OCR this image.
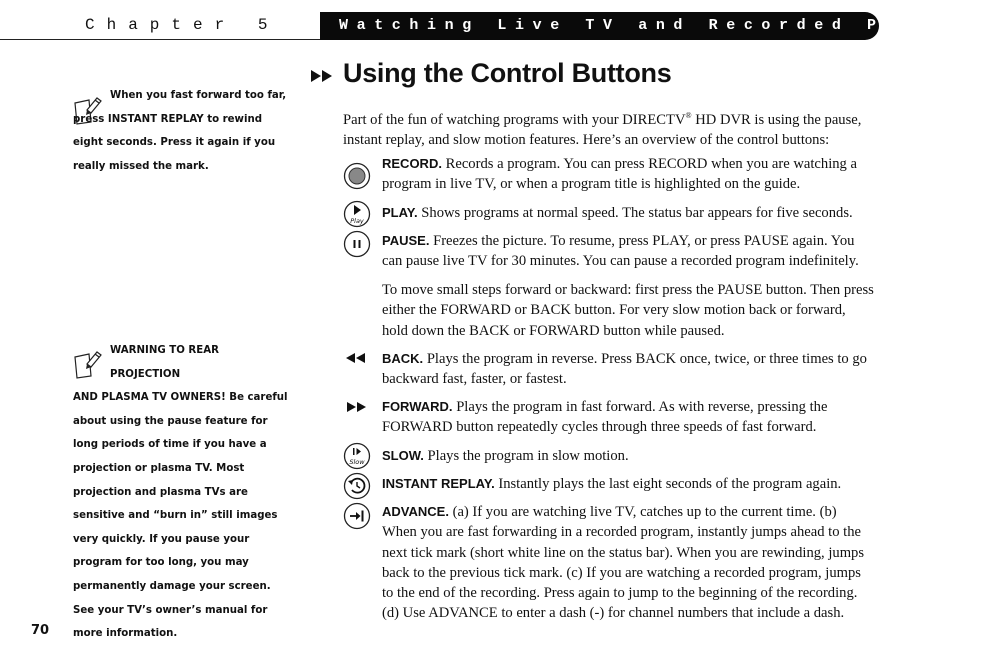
Chapter 5	Watching Live TV and Recorded Programs
When you fast forward too far,
press INSTANT REPLAY to rewind eight seconds. Press it again if you really missed the mark.
WARNING TO REAR PROJECTION
AND PLASMA TV OWNERS! Be careful about using the pause feature for long periods of time if you have a projection or plasma TV. Most projection and plasma TVs are sensitive and “burn in” still images very quickly. If you pause your program for too long, you may permanently damage your screen. See your TV’s owner’s manual for more information.
Using the Control Buttons
Part of the fun of watching programs with your DIRECTV® HD DVR is using the pause, instant replay, and slow motion features. Here’s an overview of the control buttons:
RECORD. Records a program. You can press RECORD when you are watching a program in live TV, or when a program title is highlighted on the guide.
Play
PLAY. Shows programs at normal speed. The status bar appears for five seconds.
PAUSE. Freezes the picture. To resume, press PLAY, or press PAUSE again. You can pause live TV for 30 minutes. You can pause a recorded program indefinitely.
To move small steps forward or backward: first press the PAUSE button. Then press either the FORWARD or BACK button. For very slow motion back or forward, hold down the BACK or FORWARD button while paused.
BACK. Plays the program in reverse. Press BACK once, twice, or three times to go backward fast, faster, or fastest.
FORWARD. Plays the program in fast forward. As with reverse, pressing the FORWARD button repeatedly cycles through three speeds of fast forward.
Slow SLOW. Plays the program in slow motion.
INSTANT REPLAY. Instantly plays the last eight seconds of the program again.
ADVANCE. (a) If you are watching live TV, catches up to the current time. (b) When you are fast forwarding in a recorded program, instantly jumps ahead to the next tick mark (short white line on the status bar). When you are rewinding, jumps back to the previous tick mark. (c) If you are watching a recorded program, jumps to the end of the recording. Press again to jump to the beginning of the recording. (d) Use ADVANCE to enter a dash (-) for channel numbers that include a dash.
70
